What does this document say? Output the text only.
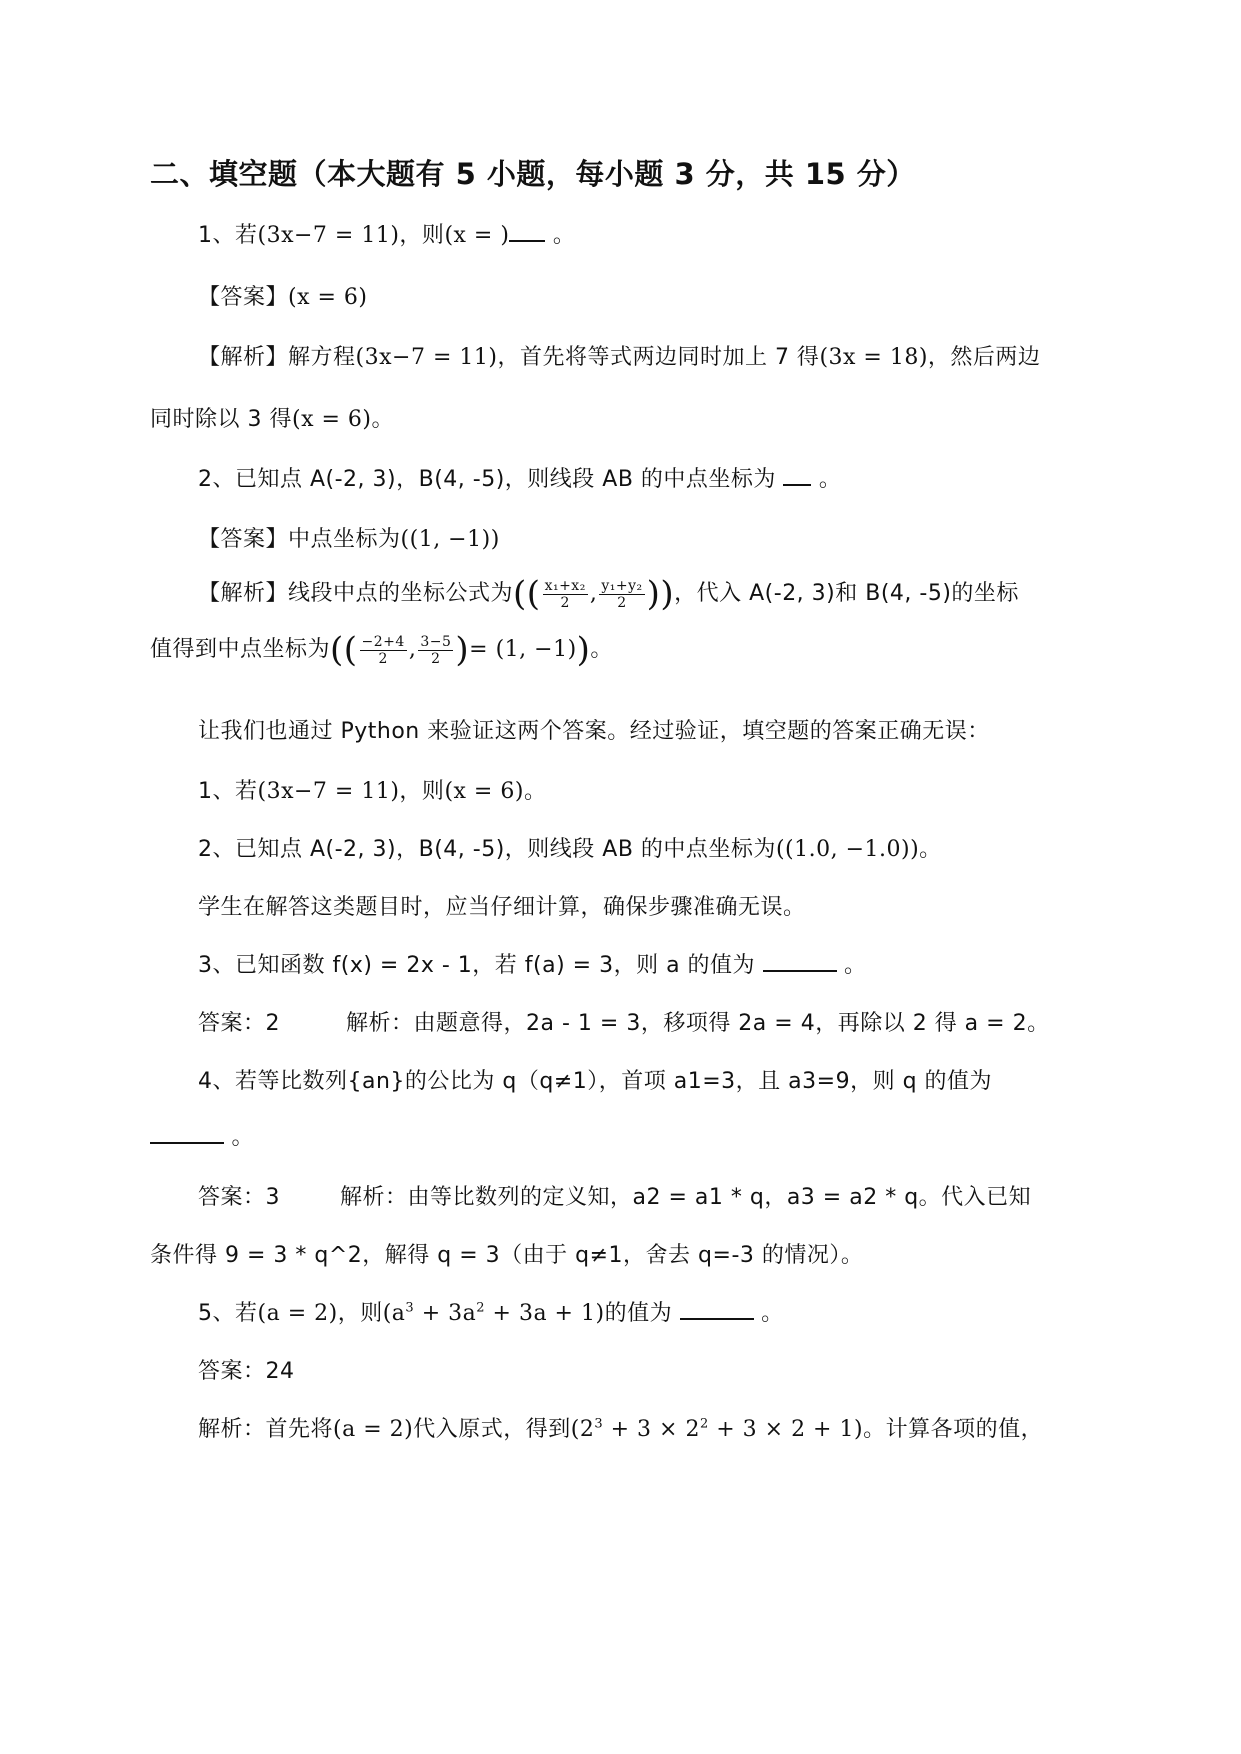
二、填空题（本大题有 5 小题，每小题 3 分，共 15 分）
1、若(3x−7 = 11)，则(x = ) 。
【答案】(x = 6)
【解析】解方程(3x−7 = 11)，首先将等式两边同时加上 7 得(3x = 18)，然后两边
同时除以 3 得(x = 6)。
2、已知点 A(-2, 3)，B(4, -5)，则线段 AB 的中点坐标为  。
【答案】中点坐标为((1, −1))
【解析】线段中点的坐标公式为(( $\frac{\text{x₁+x₂}}{2}$ , $\frac{\text{y₁+y₂}}{2}$ ))，代入 A(-2, 3)和 B(4, -5)的坐标
值得到中点坐标为(( $\frac{-2+4}{2}$ , $\frac{3-5}{2}$ )= (1, −1))。
让我们也通过 Python 来验证这两个答案。经过验证，填空题的答案正确无误：
1、若(3x−7 = 11)，则(x = 6)。
2、已知点 A(-2, 3)，B(4, -5)，则线段 AB 的中点坐标为((1.0, −1.0))。
学生在解答这类题目时，应当仔细计算，确保步骤准确无误。
3、已知函数 f(x) = 2x - 1，若 f(a) = 3，则 a 的值为	。
答案：2	解析：由题意得，2a - 1 = 3，移项得 2a = 4，再除以 2 得 a = 2。
4、若等比数列{an}的公比为 q（q≠1），首项 a1=3，且 a3=9，则 q 的值为
。
答案：3	解析：由等比数列的定义知，a2 = a1 * q，a3 = a2 * q。代入已知
条件得 9 = 3 * q^2，解得 q = 3（由于 q≠1，舍去 q=-3 的情况）。
5、若(a = 2)，则$(a^3 + 3a^2 + 3a + 1)$的值为	。
答案：24
解析：首先将(a = 2)代入原式，得到$(2^3 + 3 \times 2^2 + 3 \times 2 + 1)$。计算各项的值，
